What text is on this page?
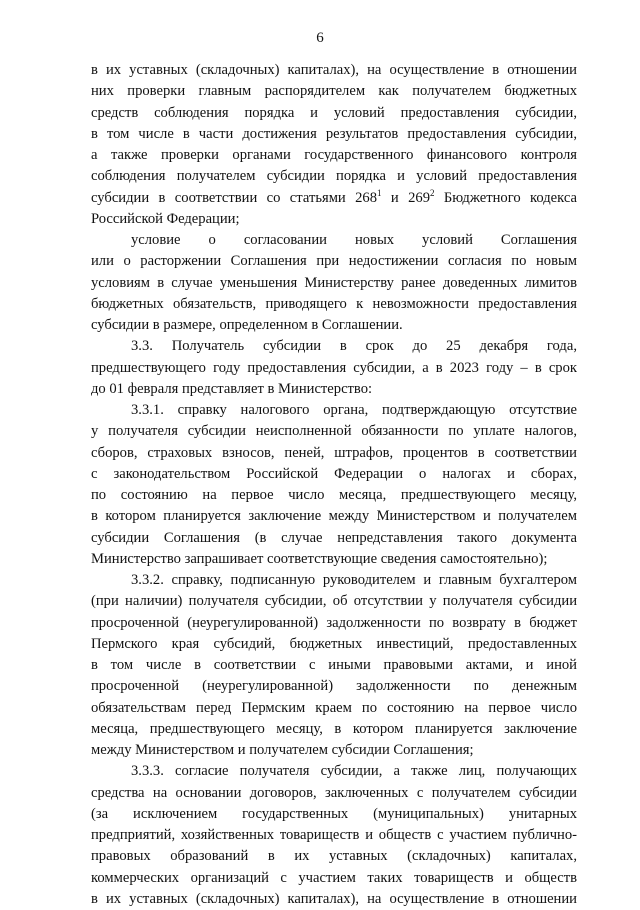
6
в их уставных (складочных) капиталах), на осуществление в отношении
них проверки главным распорядителем как получателем бюджетных
средств соблюдения порядка и условий предоставления субсидии,
в том числе в части достижения результатов предоставления субсидии,
а также проверки органами государственного финансового контроля
соблюдения получателем субсидии порядка и условий предоставления
субсидии в соответствии со статьями $268^1$ и $269^2$ Бюджетного кодекса
Российской Федерации;
условие о согласовании новых условий Соглашения
или о расторжении Соглашения при недостижении согласия по новым
условиям в случае уменьшения Министерству ранее доведенных лимитов
бюджетных обязательств, приводящего к невозможности предоставления
субсидии в размере, определенном в Соглашении.
3.3. Получатель субсидии в срок до 25 декабря года,
предшествующего году предоставления субсидии, а в 2023 году – в срок
до 01 февраля представляет в Министерство:
3.3.1. справку налогового органа, подтверждающую отсутствие
у получателя субсидии неисполненной обязанности по уплате налогов,
сборов, страховых взносов, пеней, штрафов, процентов в соответствии
с законодательством Российской Федерации о налогах и сборах,
по состоянию на первое число месяца, предшествующего месяцу,
в котором планируется заключение между Министерством и получателем
субсидии Соглашения (в случае непредставления такого документа
Министерство запрашивает соответствующие сведения самостоятельно);
3.3.2. справку, подписанную руководителем и главным бухгалтером
(при наличии) получателя субсидии, об отсутствии у получателя субсидии
просроченной (неурегулированной) задолженности по возврату в бюджет
Пермского края субсидий, бюджетных инвестиций, предоставленных
в том числе в соответствии с иными правовыми актами, и иной
просроченной (неурегулированной) задолженности по денежным
обязательствам перед Пермским краем по состоянию на первое число
месяца, предшествующего месяцу, в котором планируется заключение
между Министерством и получателем субсидии Соглашения;
3.3.3. согласие получателя субсидии, а также лиц, получающих
средства на основании договоров, заключенных с получателем субсидии
(за исключением государственных (муниципальных) унитарных
предприятий, хозяйственных товариществ и обществ с участием публично-
правовых образований в их уставных (складочных) капиталах,
коммерческих организаций с участием таких товариществ и обществ
в их уставных (складочных) капиталах), на осуществление в отношении
